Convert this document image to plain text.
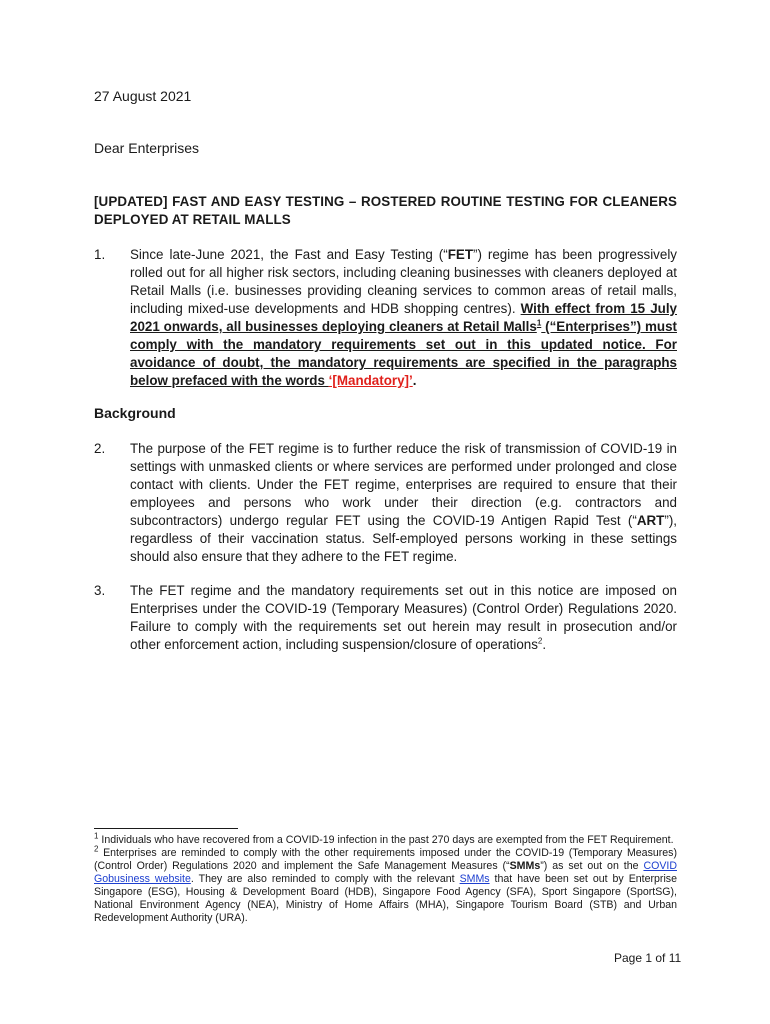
27 August 2021
Dear Enterprises
[UPDATED] FAST AND EASY TESTING – ROSTERED ROUTINE TESTING FOR CLEANERS DEPLOYED AT RETAIL MALLS
1. Since late-June 2021, the Fast and Easy Testing (“FET”) regime has been progressively rolled out for all higher risk sectors, including cleaning businesses with cleaners deployed at Retail Malls (i.e. businesses providing cleaning services to common areas of retail malls, including mixed-use developments and HDB shopping centres). With effect from 15 July 2021 onwards, all businesses deploying cleaners at Retail Malls$^1$ (“Enterprises”) must comply with the mandatory requirements set out in this updated notice. For avoidance of doubt, the mandatory requirements are specified in the paragraphs below prefaced with the words ‘[Mandatory]’.
Background
2. The purpose of the FET regime is to further reduce the risk of transmission of COVID-19 in settings with unmasked clients or where services are performed under prolonged and close contact with clients. Under the FET regime, enterprises are required to ensure that their employees and persons who work under their direction (e.g. contractors and subcontractors) undergo regular FET using the COVID-19 Antigen Rapid Test (“ART”), regardless of their vaccination status. Self-employed persons working in these settings should also ensure that they adhere to the FET regime.
3. The FET regime and the mandatory requirements set out in this notice are imposed on Enterprises under the COVID-19 (Temporary Measures) (Control Order) Regulations 2020. Failure to comply with the requirements set out herein may result in prosecution and/or other enforcement action, including suspension/closure of operations$^2$.

$^1$ Individuals who have recovered from a COVID-19 infection in the past 270 days are exempted from the FET Requirement.

$^2$ Enterprises are reminded to comply with the other requirements imposed under the COVID-19 (Temporary Measures) (Control Order) Regulations 2020 and implement the Safe Management Measures (“SMMs”) as set out on the COVID Gobusiness website. They are also reminded to comply with the relevant SMMs that have been set out by Enterprise Singapore (ESG), Housing & Development Board (HDB), Singapore Food Agency (SFA), Sport Singapore (SportSG), National Environment Agency (NEA), Ministry of Home Affairs (MHA), Singapore Tourism Board (STB) and Urban Redevelopment Authority (URA).

Page 1 of 11
